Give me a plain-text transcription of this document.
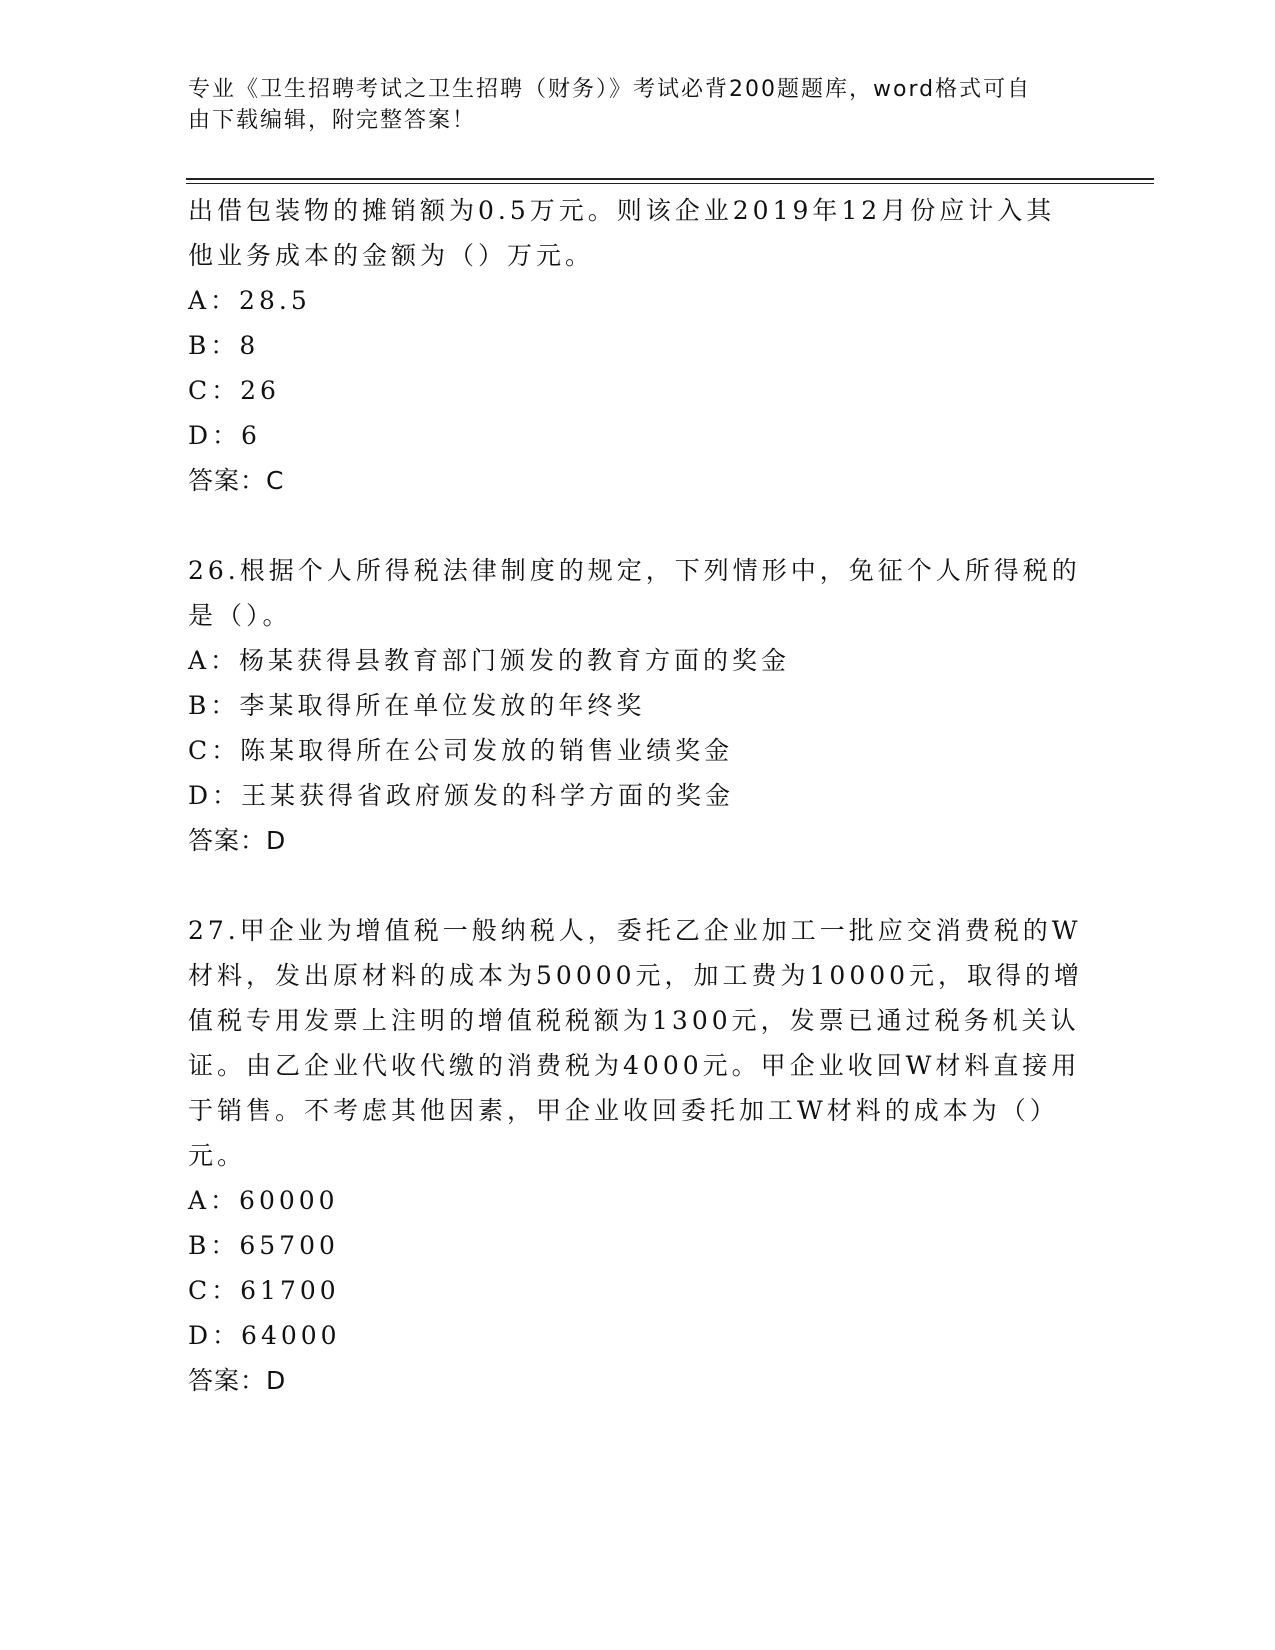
专业《卫生招聘考试之卫生招聘（财务）》考试必背200题题库，word格式可自
由下载编辑，附完整答案！
出借包装物的摊销额为0.5万元。则该企业2019年12月份应计入其
他业务成本的金额为（）万元。
A：28.5
B：8
C：26
D：6
答案：C
26.根据个人所得税法律制度的规定，下列情形中，免征个人所得税的
是（）。
A：杨某获得县教育部门颁发的教育方面的奖金
B：李某取得所在单位发放的年终奖
C：陈某取得所在公司发放的销售业绩奖金
D：王某获得省政府颁发的科学方面的奖金
答案：D
27.甲企业为增值税一般纳税人，委托乙企业加工一批应交消费税的W
材料，发出原材料的成本为50000元，加工费为10000元，取得的增
值税专用发票上注明的增值税税额为1300元，发票已通过税务机关认
证。由乙企业代收代缴的消费税为4000元。甲企业收回W材料直接用
于销售。不考虑其他因素，甲企业收回委托加工W材料的成本为（）
元。
A：60000
B：65700
C：61700
D：64000
答案：D
